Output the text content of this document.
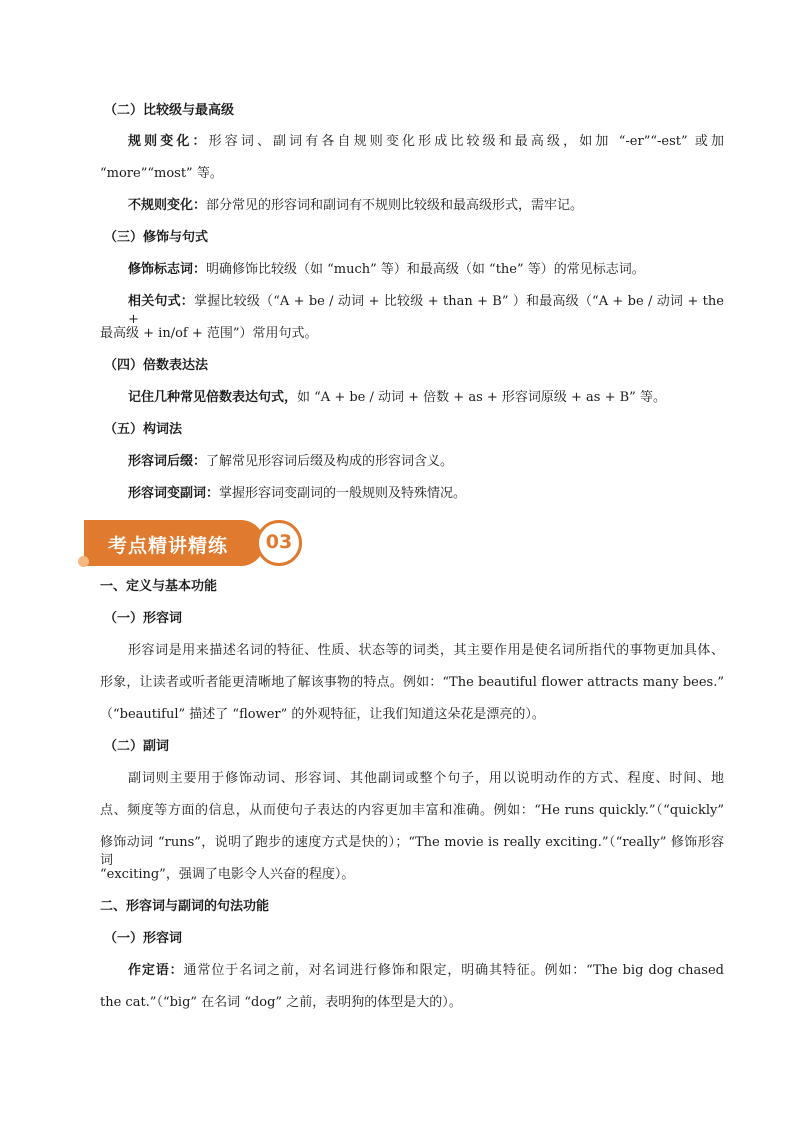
（二）比较级与最高级
规则变化：形容词、副词有各自规则变化形成比较级和最高级，如加 “-er”“-est” 或加
“more”“most” 等。
不规则变化：部分常见的形容词和副词有不规则比较级和最高级形式，需牢记。
（三）修饰与句式
修饰标志词：明确修饰比较级（如 “much” 等）和最高级（如 “the” 等）的常见标志词。
相关句式：掌握比较级（“A + be / 动词 + 比较级 + than + B” ）和最高级（“A + be / 动词 + the +
最高级 + in/of + 范围”）常用句式。
（四）倍数表达法
记住几种常见倍数表达句式，如 “A + be / 动词 + 倍数 + as + 形容词原级 + as + B” 等。
（五）构词法
形容词后缀：了解常见形容词后缀及构成的形容词含义。
形容词变副词：掌握形容词变副词的一般规则及特殊情况。
考点精讲精练 03
一、定义与基本功能
（一）形容词
形容词是用来描述名词的特征、性质、状态等的词类，其主要作用是使名词所指代的事物更加具体、
形象，让读者或听者能更清晰地了解该事物的特点。例如：“The beautiful flower attracts many bees.”
（“beautiful” 描述了 “flower” 的外观特征，让我们知道这朵花是漂亮的）。
（二）副词
副词则主要用于修饰动词、形容词、其他副词或整个句子，用以说明动作的方式、程度、时间、地
点、频度等方面的信息，从而使句子表达的内容更加丰富和准确。例如：“He runs quickly.”（“quickly”
修饰动词 “runs”，说明了跑步的速度方式是快的）；“The movie is really exciting.”（“really” 修饰形容词
“exciting”，强调了电影令人兴奋的程度）。
二、形容词与副词的句法功能
（一）形容词
作定语：通常位于名词之前，对名词进行修饰和限定，明确其特征。例如：“The big dog chased
the cat.”（“big” 在名词 “dog” 之前，表明狗的体型是大的）。
